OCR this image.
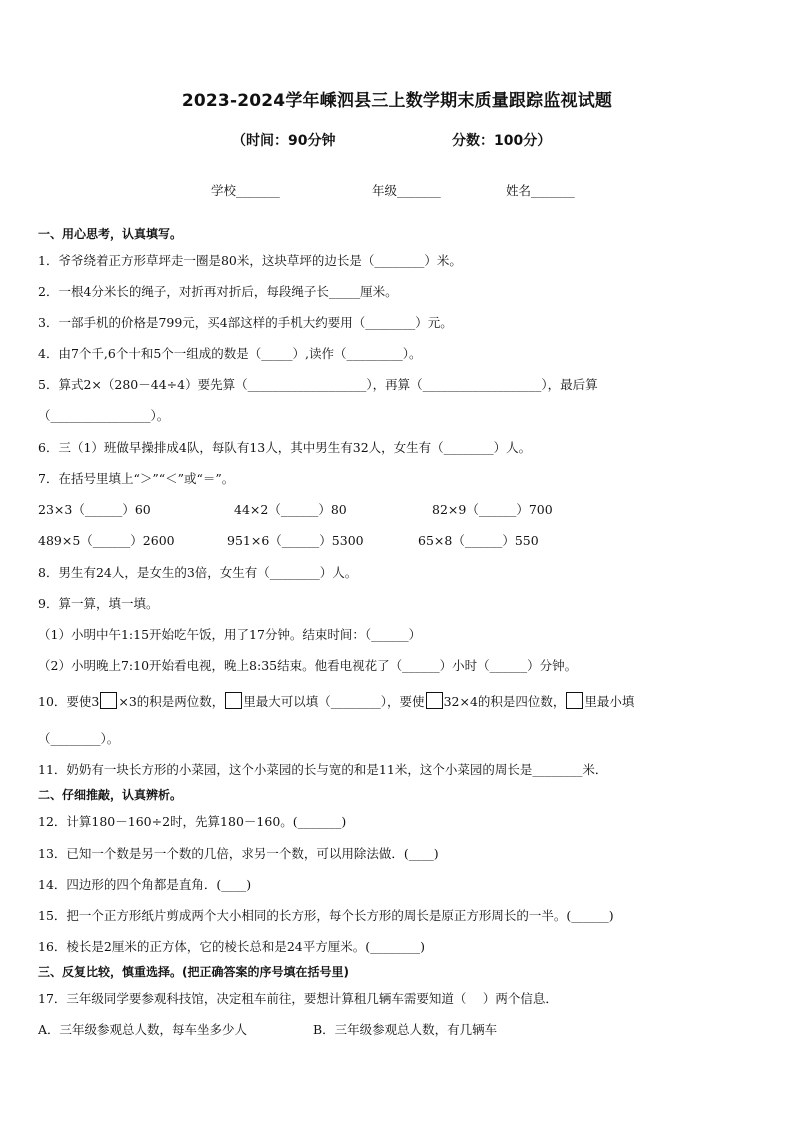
2023-2024学年嵊泗县三上数学期末质量跟踪监视试题
（时间：90分钟	分数：100分）
学校_______	年级_______	姓名_______
一、用心思考，认真填写。
1．爷爷绕着正方形草坪走一圈是80米，这块草坪的边长是（________）米。
2．一根4分米长的绳子，对折再对折后，每段绳子长_____厘米。
3．一部手机的价格是799元，买4部这样的手机大约要用（________）元。
4．由7个千,6个十和5个一组成的数是（_____）,读作（_________）。
5．算式2×（280－44÷4）要先算（___________________），再算（___________________），最后算
（________________）。
6．三（1）班做早操排成4队，每队有13人，其中男生有32人，女生有（________）人。
7．在括号里填上“＞”“＜”或“＝”。
23×3（______）60	44×2（______）80	82×9（______）700
489×5（______）2600	951×6（______）5300	65×8（______）550
8．男生有24人，是女生的3倍，女生有（________）人。
9．算一算，填一填。
（1）小明中午1:15开始吃午饭，用了17分钟。结束时间：（______）
（2）小明晚上7:10开始看电视，晚上8:35结束。他看电视花了（______）小时（______）分钟。
10．要使3 ×3的积是两位数， 里最大可以填（________），要使 32×4的积是四位数， 里最小填
（________）。
11．奶奶有一块长方形的小菜园，这个小菜园的长与宽的和是11米，这个小菜园的周长是________米．
二、仔细推敲，认真辨析。
12．计算180－160÷2时，先算180－160。(_______)
13．已知一个数是另一个数的几倍，求另一个数，可以用除法做．(____)
14．四边形的四个角都是直角．(____)
15．把一个正方形纸片剪成两个大小相同的长方形，每个长方形的周长是原正方形周长的一半。(______)
16．棱长是2厘米的正方体，它的棱长总和是24平方厘米。(________)
三、反复比较，慎重选择。(把正确答案的序号填在括号里)
17．三年级同学要参观科技馆，决定租车前往，要想计算租几辆车需要知道（　 ）两个信息．
A．三年级参观总人数，每车坐多少人	B．三年级参观总人数，有几辆车
